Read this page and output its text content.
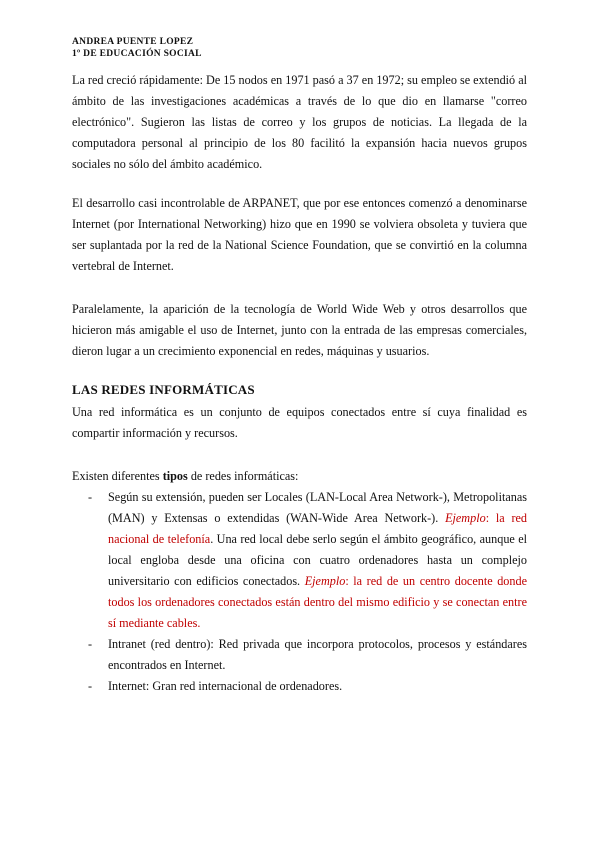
ANDREA PUENTE LOPEZ
1º DE EDUCACIÓN SOCIAL

La red creció rápidamente: De 15 nodos en 1971 pasó a 37 en 1972; su empleo se extendió al ámbito de las investigaciones académicas a través de lo que dio en llamarse "correo electrónico". Sugieron las listas de correo y los grupos de noticias. La llegada de la computadora personal al principio de los 80 facilitó la expansión hacia nuevos grupos sociales no sólo del ámbito académico.

El desarrollo casi incontrolable de ARPANET, que por ese entonces comenzó a denominarse Internet (por International Networking) hizo que en 1990 se volviera obsoleta y tuviera que ser suplantada por la red de la National Science Foundation, que se convirtió en la columna vertebral de Internet.

Paralelamente, la aparición de la tecnología de World Wide Web y otros desarrollos que hicieron más amigable el uso de Internet, junto con la entrada de las empresas comerciales, dieron lugar a un crecimiento exponencial en redes, máquinas y usuarios.

LAS REDES INFORMÁTICAS

Una red informática es un conjunto de equipos conectados entre sí cuya finalidad es compartir información y recursos.

Existen diferentes tipos de redes informáticas:

- Según su extensión, pueden ser Locales (LAN-Local Area Network-), Metropolitanas (MAN) y Extensas o extendidas (WAN-Wide Area Network-). Ejemplo: la red nacional de telefonía. Una red local debe serlo según el ámbito geográfico, aunque el local engloba desde una oficina con cuatro ordenadores hasta un complejo universitario con edificios conectados. Ejemplo: la red de un centro docente donde todos los ordenadores conectados están dentro del mismo edificio y se conectan entre sí mediante cables.
- Intranet (red dentro): Red privada que incorpora protocolos, procesos y estándares encontrados en Internet.
- Internet: Gran red internacional de ordenadores.
